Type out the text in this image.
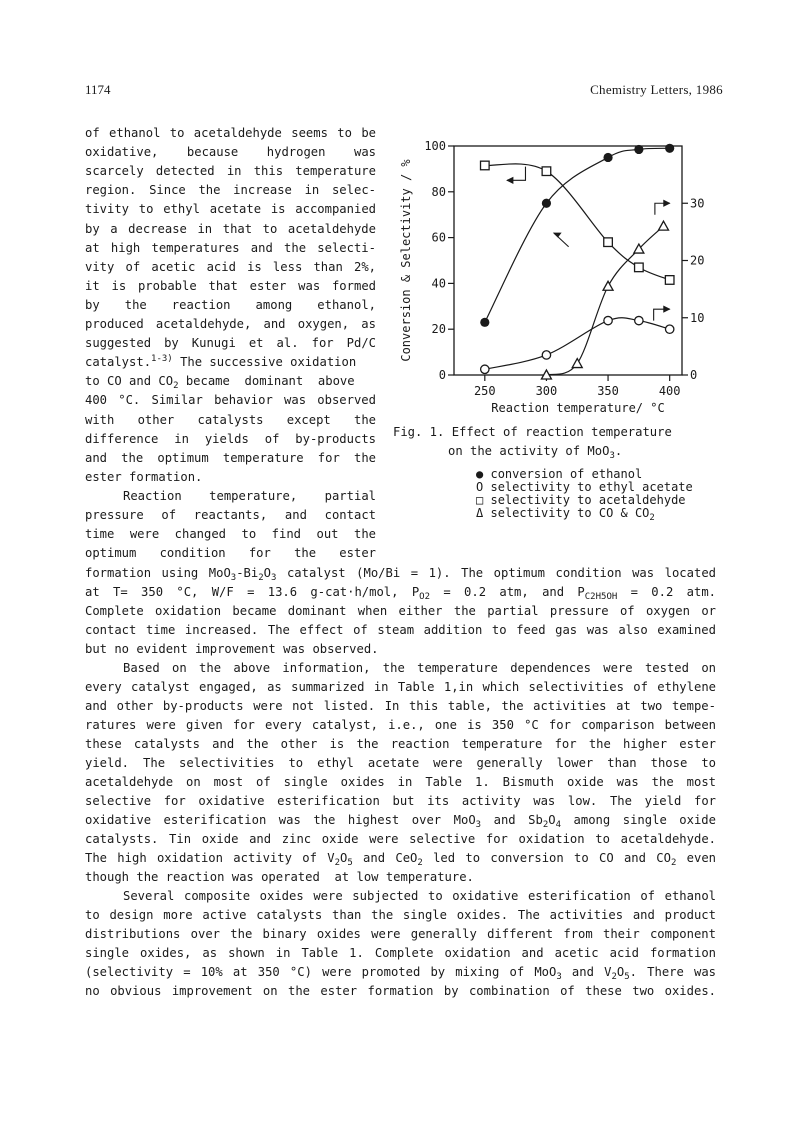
1174	Chemistry Letters, 1986
of ethanol to acetaldehyde seems to be
oxidative, because hydrogen was
scarcely detected in this temperature
region. Since the increase in selec-
tivity to ethyl acetate is accompanied
by a decrease in that to acetaldehyde
at high temperatures and the selecti-
vity of acetic acid is less than 2%,
it is probable that ester was formed
by the reaction among ethanol,
produced acetaldehyde, and oxygen, as
suggested by Kunugi et al. for Pd/C
catalyst.$^{1-3)}$ The successive oxidation
to CO and $CO_2$ became  dominant  above
400 °C. Similar behavior was observed
with other catalysts except the
difference in yields of by-products
and the optimum temperature for the
ester formation.
Reaction temperature, partial
pressure of reactants, and contact
time were changed to find out the
optimum condition for the ester
0
20
40
60
80
100
0
10
20
30
250	300	350	400
Reaction temperature/ °C
Conversion & Selectivity / %
Fig. 1. Effect of reaction temperature
on the activity of MoO$_3$.
● conversion of ethanol
O selectivity to ethyl acetate
□ selectivity to acetaldehyde
Δ selectivity to CO & $CO_2$
formation using $MoO_3-Bi_2O_3$ catalyst (Mo/Bi = 1). The optimum condition was located
at T= 350 °C, W/F = 13.6 g-cat·h/mol, $P_{O2} = 0.2$ atm, and $P_{C2H5OH} = 0.2$ atm.
Complete oxidation became dominant when either the partial pressure of oxygen or
contact time increased. The effect of steam addition to feed gas was also examined
but no evident improvement was observed.
Based on the above information, the temperature dependences were tested on
every catalyst engaged, as summarized in Table 1,in which selectivities of ethylene
and other by-products were not listed. In this table, the activities at two tempe-
ratures were given for every catalyst, i.e., one is 350 °C for comparison between
these catalysts and the other is the reaction temperature for the higher ester
yield. The selectivities to ethyl acetate were generally lower than those to
acetaldehyde on most of single oxides in Table 1. Bismuth oxide was the most
selective for oxidative esterification but its activity was low. The yield for
oxidative esterification was the highest over MoO$_3$ and $Sb_2O_4$ among single oxide
catalysts. Tin oxide and zinc oxide were selective for oxidation to acetaldehyde.
The high oxidation activity of $V_2O_5$ and CeO$_2$ led to conversion to CO and $CO_2$ even
though the reaction was operated  at low temperature.
Several composite oxides were subjected to oxidative esterification of ethanol
to design more active catalysts than the single oxides. The activities and product
distributions over the binary oxides were generally different from their component
single oxides, as shown in Table 1. Complete oxidation and acetic acid formation
(selectivity = 10% at 350 °C) were promoted by mixing of MoO$_3$ and $V_2O_5$. There was
no obvious improvement on the ester formation by combination of these two oxides.
